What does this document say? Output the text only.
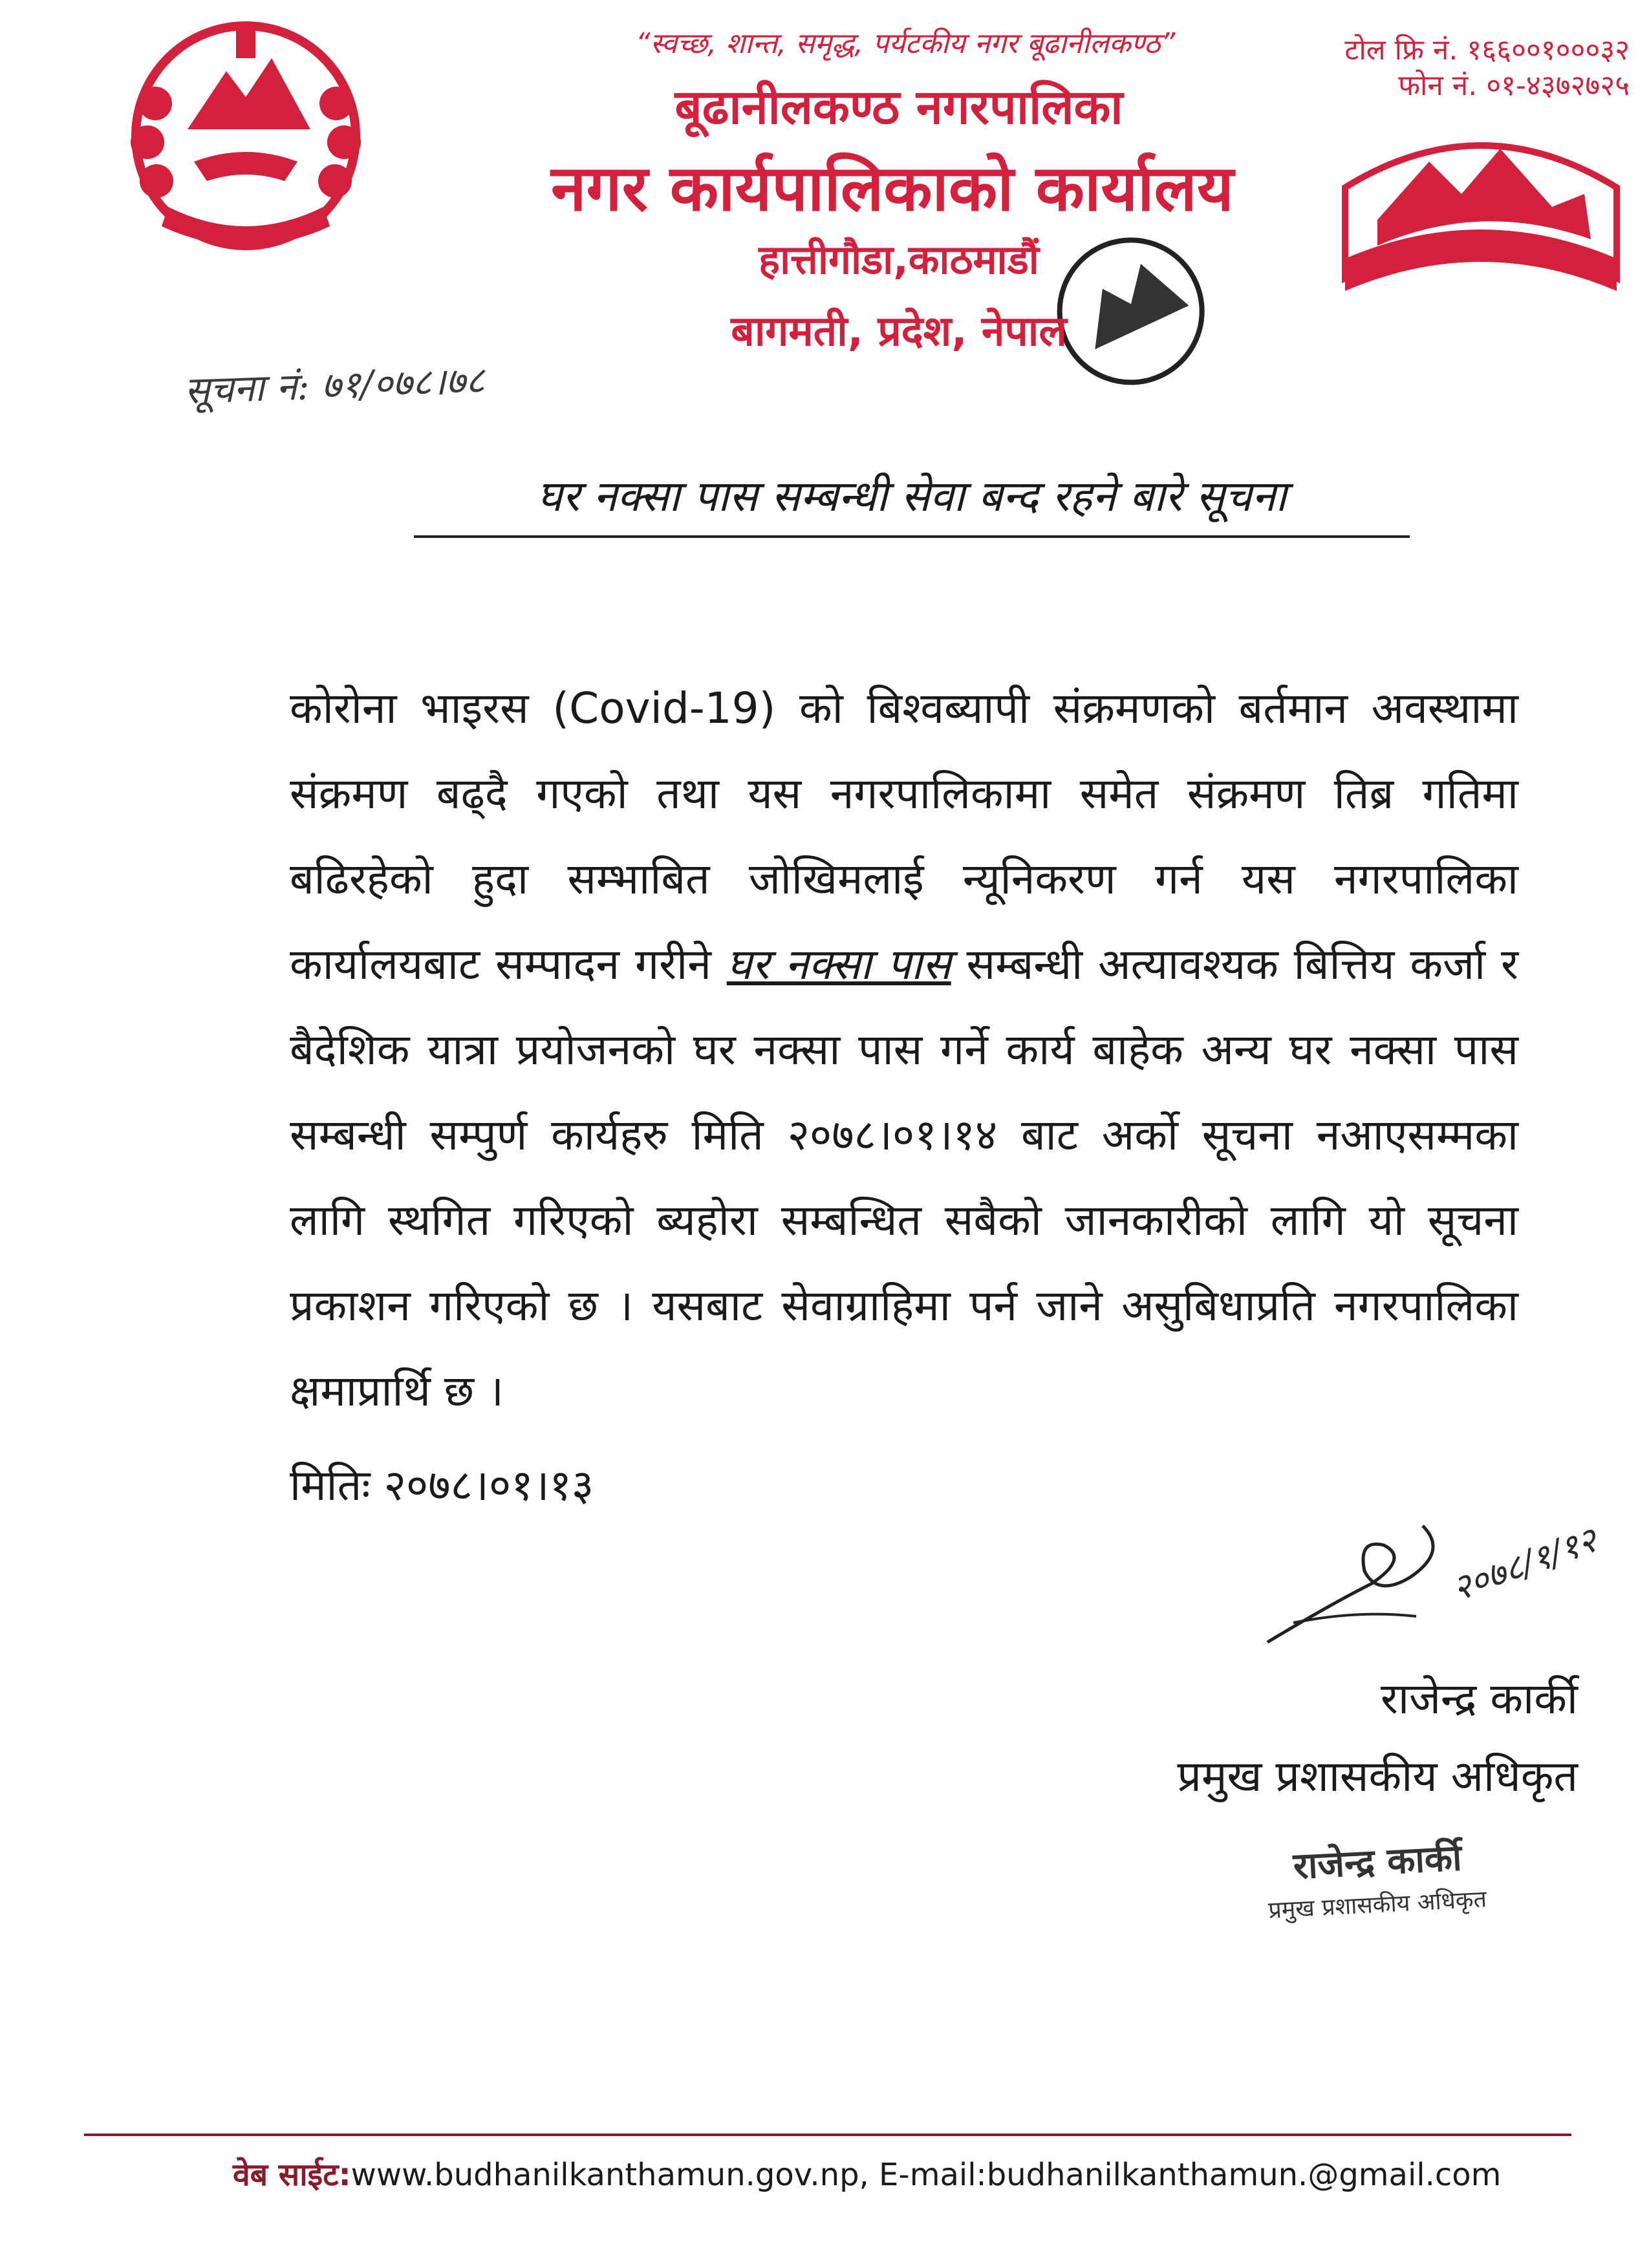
“स्वच्छ, शान्त, समृद्ध, पर्यटकीय नगर बूढानीलकण्ठ”
बूढानीलकण्ठ नगरपालिका
नगर कार्यपालिकाको कार्यालय
हात्तीगौडा,काठमाडौं
बागमती, प्रदेश, नेपाल
टोल फ्रि नं. १६६००१०००३२
फोन नं. ०१-४३७२७२५
सूचना नं: ७१/०७८।७८
घर नक्सा पास सम्बन्धी सेवा बन्द रहने बारे सूचना
कोरोना भाइरस (Covid-19) को बिश्वब्यापी संक्रमणको बर्तमान अवस्थामा संक्रमण बढ्दै गएको तथा यस नगरपालिकामा समेत संक्रमण तिब्र गतिमा बढिरहेको हुदा सम्भाबित जोखिमलाई न्यूनिकरण गर्न यस नगरपालिका कार्यालयबाट सम्पादन गरीने घर नक्सा पास सम्बन्धी अत्यावश्यक बित्तिय कर्जा र बैदेशिक यात्रा प्रयोजनको घर नक्सा पास गर्ने कार्य बाहेक अन्य घर नक्सा पास सम्बन्धी सम्पुर्ण कार्यहरु मिति २०७८।०१।१४ बाट अर्को सूचना नआएसम्मका लागि स्थगित गरिएको ब्यहोरा सम्बन्धित सबैको जानकारीको लागि यो सूचना प्रकाशन गरिएको छ । यसबाट सेवाग्राहिमा पर्न जाने असुबिधाप्रति नगरपालिका क्षमाप्रार्थि छ ।
मितिः २०७८।०१।१३
२०७८/१/१२
राजेन्द्र कार्की
प्रमुख प्रशासकीय अधिकृत
राजेन्द्र कार्की
प्रमुख प्रशासकीय अधिकृत
वेब साईट:www.budhanilkanthamun.gov.np, E-mail:budhanilkanthamun.@gmail.com
